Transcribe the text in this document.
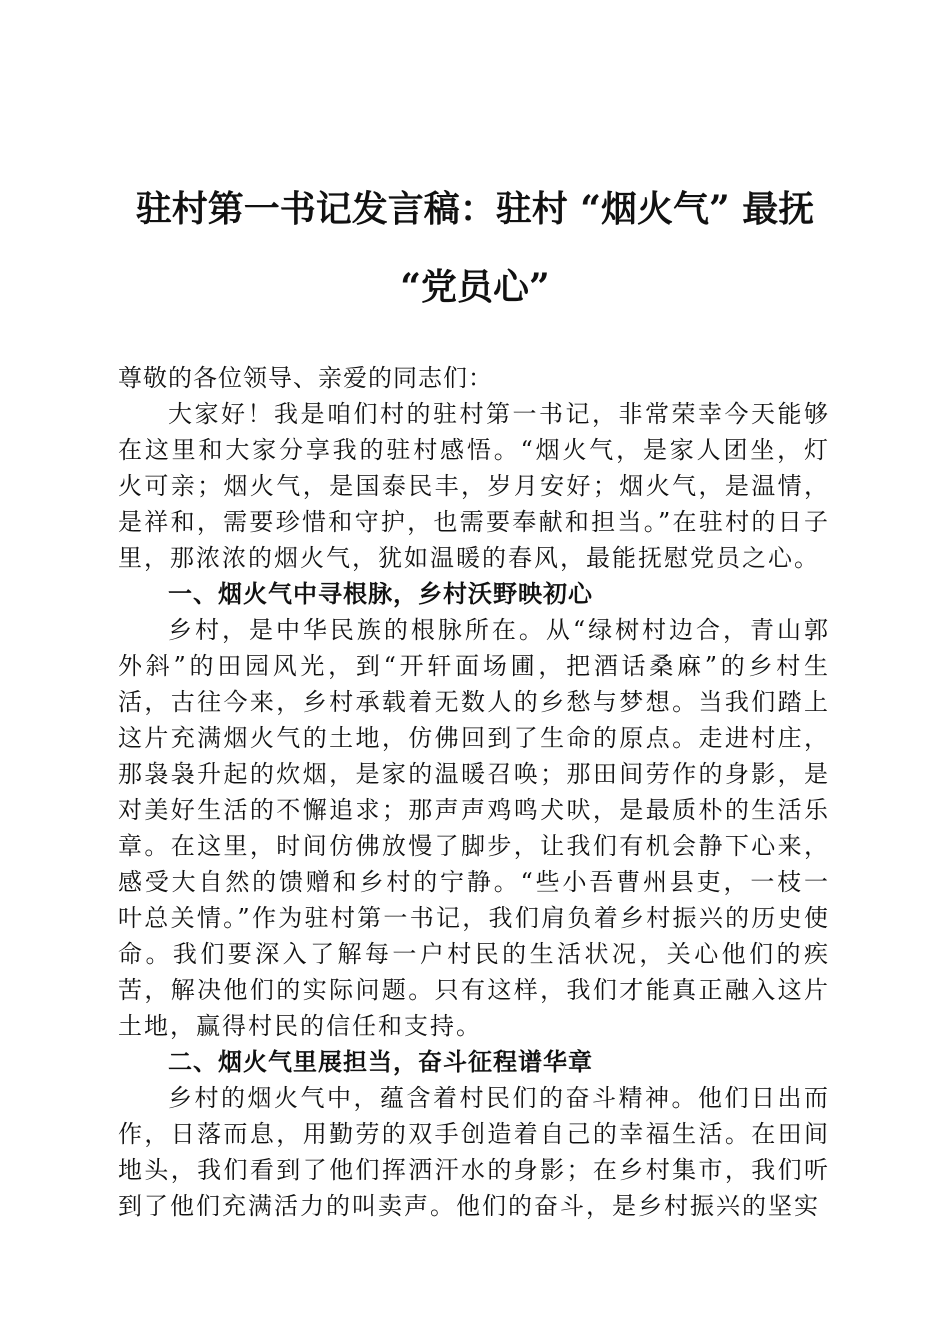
驻村第一书记发言稿：驻村 “烟火气” 最抚
“党员心”

尊敬的各位领导、亲爱的同志们：

大家好！我是咱们村的驻村第一书记，非常荣幸今天能够在这里和大家分享我的驻村感悟。“烟火气，是家人团坐，灯火可亲；烟火气，是国泰民丰，岁月安好；烟火气，是温情，是祥和，需要珍惜和守护，也需要奉献和担当。”在驻村的日子里，那浓浓的烟火气，犹如温暖的春风，最能抚慰党员之心。

一、烟火气中寻根脉，乡村沃野映初心

乡村，是中华民族的根脉所在。从“绿树村边合，青山郭外斜”的田园风光，到“开轩面场圃，把酒话桑麻”的乡村生活，古往今来，乡村承载着无数人的乡愁与梦想。当我们踏上这片充满烟火气的土地，仿佛回到了生命的原点。走进村庄，那袅袅升起的炊烟，是家的温暖召唤；那田间劳作的身影，是对美好生活的不懈追求；那声声鸡鸣犬吠，是最质朴的生活乐章。在这里，时间仿佛放慢了脚步，让我们有机会静下心来，感受大自然的馈赠和乡村的宁静。“些小吾曹州县吏，一枝一叶总关情。”作为驻村第一书记，我们肩负着乡村振兴的历史使命。我们要深入了解每一户村民的生活状况，关心他们的疾苦，解决他们的实际问题。只有这样，我们才能真正融入这片土地，赢得村民的信任和支持。

二、烟火气里展担当，奋斗征程谱华章

乡村的烟火气中，蕴含着村民们的奋斗精神。他们日出而作，日落而息，用勤劳的双手创造着自己的幸福生活。在田间地头，我们看到了他们挥洒汗水的身影；在乡村集市，我们听到了他们充满活力的叫卖声。他们的奋斗，是乡村振兴的坚实
